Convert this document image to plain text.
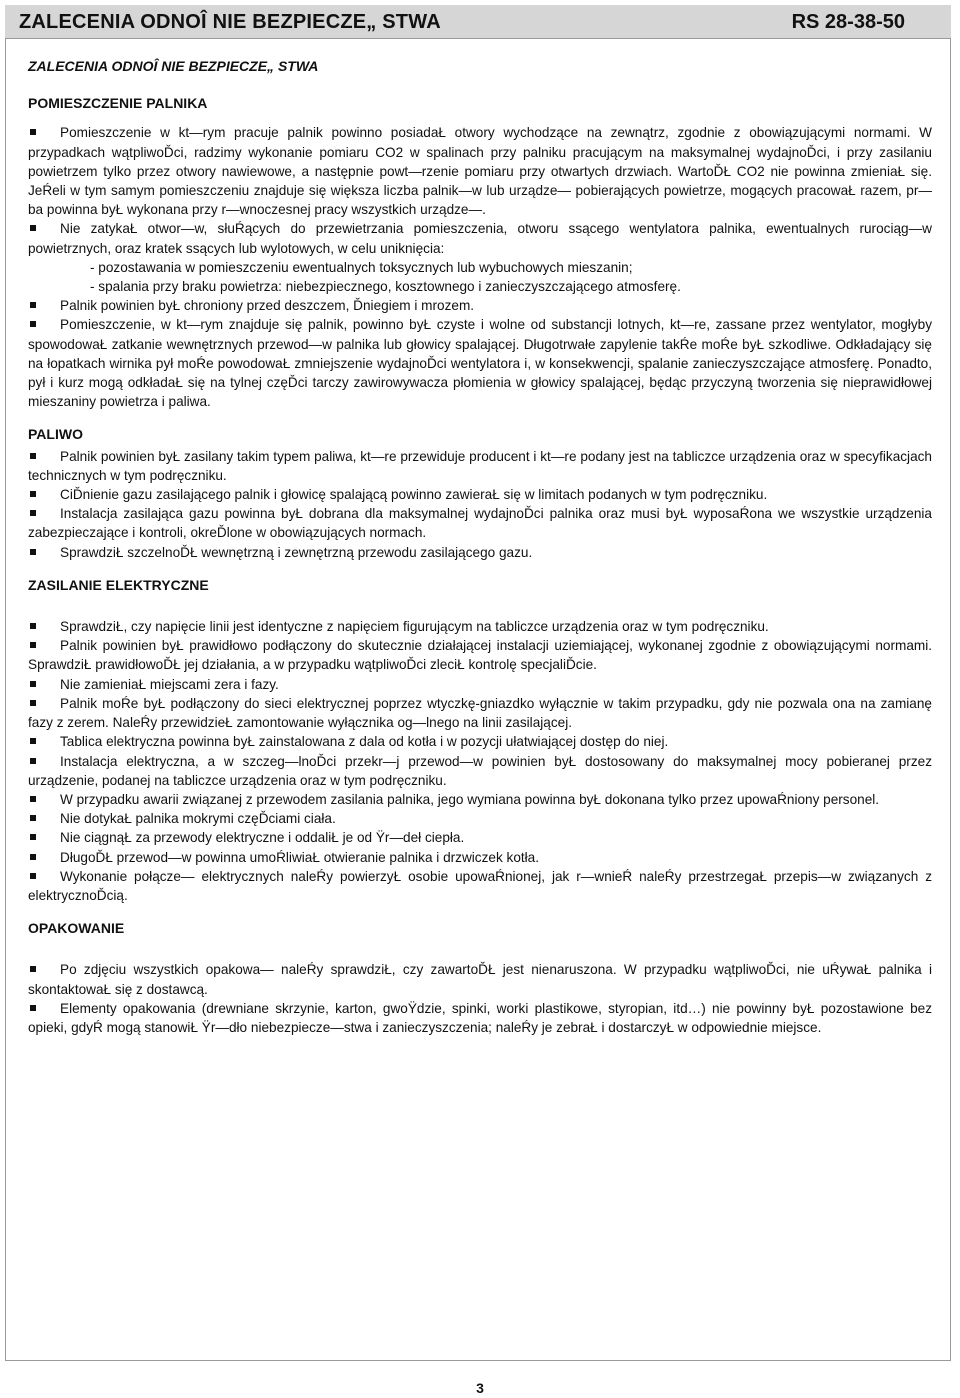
ZALECENIA ODNOÎ NIE BEZPIECZE„ STWA	RS 28-38-50
ZALECENIA ODNOÎ NIE BEZPIECZE„ STWA
POMIESZCZENIE PALNIKA

Pomieszczenie w kt—rym pracuje palnik powinno posiadaŁ otwory wychodzące na zewnątrz, zgodnie z obowiązującymi normami. W przypadkach wątpliwoĎci, radzimy wykonanie pomiaru CO2 w spalinach przy palniku pracującym na maksymalnej wydajnoĎci, i przy zasilaniu powietrzem tylko przez otwory nawiewowe, a następnie powt—rzenie pomiaru przy otwartych drzwiach. WartoĎŁ CO2 nie powinna zmieniaŁ się. JeŔeli w tym samym pomieszczeniu znajduje się większa liczba palnik—w lub urządze— pobierających powietrze, mogących pracowaŁ razem, pr—ba powinna byŁ wykonana przy r—wnoczesnej pracy wszystkich urządze—.

Nie zatykaŁ otwor—w, słuŔących do przewietrzania pomieszczenia, otworu ssącego wentylatora palnika, ewentualnych rurociąg—w powietrznych, oraz kratek ssących lub wylotowych, w celu uniknięcia:

- pozostawania w pomieszczeniu ewentualnych toksycznych lub wybuchowych mieszanin;

- spalania przy braku powietrza: niebezpiecznego, kosztownego i zanieczyszczającego atmosferę.

Palnik powinien byŁ chroniony przed deszczem, Ďniegiem i mrozem.

Pomieszczenie, w kt—rym znajduje się palnik, powinno byŁ czyste i wolne od substancji lotnych, kt—re, zassane przez wentylator, mogłyby spowodowaŁ zatkanie wewnętrznych przewod—w palnika lub głowicy spalającej. Długotrwałe zapylenie takŔe moŔe byŁ szkodliwe. Odkładający się na łopatkach wirnika pył moŔe powodowaŁ zmniejszenie wydajnoĎci wentylatora i, w konsekwencji, spalanie zanieczyszczające atmosferę. Ponadto, pył i kurz mogą odkładaŁ się na tylnej częĎci tarczy zawirowywacza płomienia w głowicy spalającej, będąc przyczyną tworzenia się nieprawidłowej mieszaniny powietrza i paliwa.

PALIWO

Palnik powinien byŁ zasilany takim typem paliwa, kt—re przewiduje producent i kt—re podany jest na tabliczce urządzenia oraz w specyfikacjach technicznych w tym podręczniku.

CiĎnienie gazu zasilającego palnik i głowicę spalającą powinno zawieraŁ się w limitach podanych w tym podręczniku.

Instalacja zasilająca gazu powinna byŁ dobrana dla maksymalnej wydajnoĎci palnika oraz musi byŁ wyposaŔona we wszystkie urządzenia zabezpieczające i kontroli, okreĎlone w obowiązujących normach.

SprawdziŁ szczelnoĎŁ wewnętrzną i zewnętrzną przewodu zasilającego gazu.

ZASILANIE ELEKTRYCZNE

SprawdziŁ, czy napięcie linii jest identyczne z napięciem figurującym na tabliczce urządzenia oraz w tym podręczniku.

Palnik powinien byŁ prawidłowo podłączony do skutecznie działającej instalacji uziemiającej, wykonanej zgodnie z obowiązującymi normami. SprawdziŁ prawidłowoĎŁ jej działania, a w przypadku wątpliwoĎci zleciŁ kontrolę specjaliĎcie.

Nie zamieniaŁ miejscami zera i fazy.

Palnik moŔe byŁ podłączony do sieci elektrycznej poprzez wtyczkę-gniazdko wyłącznie w takim przypadku, gdy nie pozwala ona na zamianę fazy z zerem. NaleŔy przewidzieŁ zamontowanie wyłącznika og—lnego na linii zasilającej.

Tablica elektryczna powinna byŁ zainstalowana z dala od kotła i w pozycji ułatwiającej dostęp do niej.

Instalacja elektryczna, a w szczeg—lnoĎci przekr—j przewod—w powinien byŁ dostosowany do maksymalnej mocy pobieranej przez urządzenie, podanej na tabliczce urządzenia oraz w tym podręczniku.

W przypadku awarii związanej z przewodem zasilania palnika, jego wymiana powinna byŁ dokonana tylko przez upowaŔniony personel.

Nie dotykaŁ palnika mokrymi częĎciami ciała.

Nie ciągnąŁ za przewody elektryczne i oddaliŁ je od Ÿr—deł ciepła.

DługoĎŁ przewod—w powinna umoŔliwiaŁ otwieranie palnika i drzwiczek kotła.

Wykonanie połącze— elektrycznych naleŔy powierzyŁ osobie upowaŔnionej, jak r—wnieŔ naleŔy przestrzegaŁ przepis—w związanych z elektrycznoĎcią.

OPAKOWANIE

Po zdjęciu wszystkich opakowa— naleŔy sprawdziŁ, czy zawartoĎŁ jest nienaruszona. W przypadku wątpliwoĎci, nie uŔywaŁ palnika i skontaktowaŁ się z dostawcą.

Elementy opakowania (drewniane skrzynie, karton, gwoŸdzie, spinki, worki plastikowe, styropian, itd…) nie powinny byŁ pozostawione bez opieki, gdyŔ mogą stanowiŁ Ÿr—dło niebezpiecze—stwa i zanieczyszczenia; naleŔy je zebraŁ i dostarczyŁ w odpowiednie miejsce.

3
